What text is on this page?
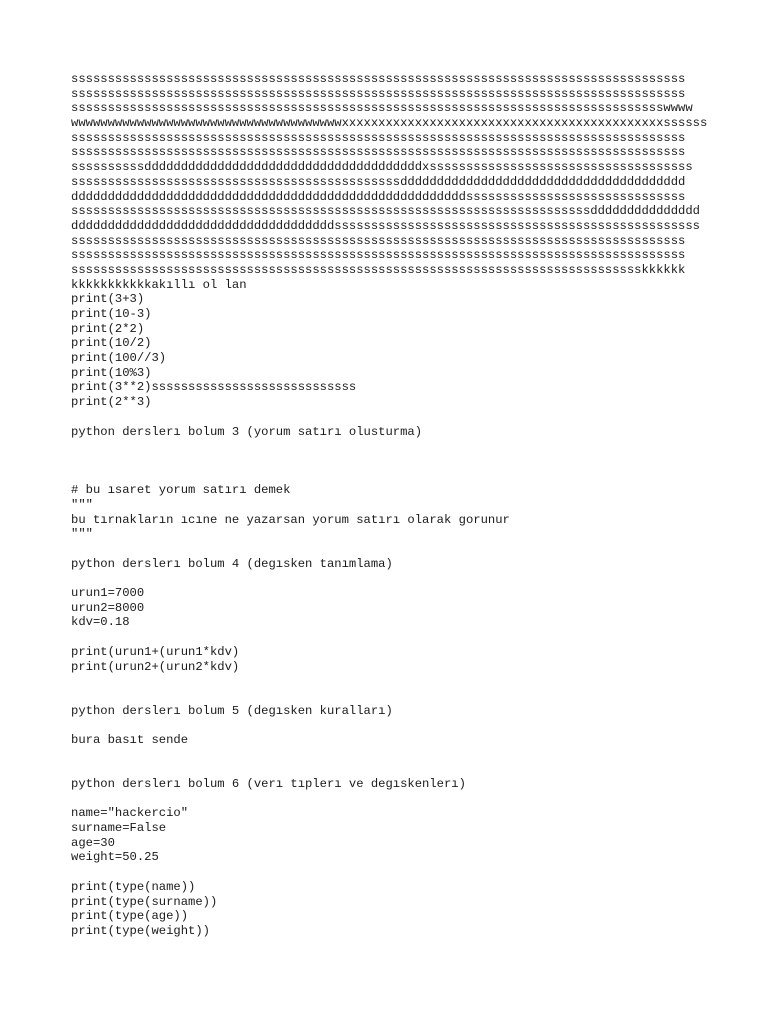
ssssssssssssssssssssssssssssssssssssssssssssssssssssssssssssssssssssssssssssssssssss
ssssssssssssssssssssssssssssssssssssssssssssssssssssssssssssssssssssssssssssssssssss
ssssssssssssssssssssssssssssssssssssssssssssssssssssssssssssssssssssssssssssssssswwww
wwwwwwwwwwwwwwwwwwwwwwwwwwwwwwwwwwwwwxxxxxxxxxxxxxxxxxxxxxxxxxxxxxxxxxxxxxxxxxxxxssssss
ssssssssssssssssssssssssssssssssssssssssssssssssssssssssssssssssssssssssssssssssssss
ssssssssssssssssssssssssssssssssssssssssssssssssssssssssssssssssssssssssssssssssssss
ssssssssssddddddddddddddddddddddddddddddddddddddxssssssssssssssssssssssssssssssssssss
sssssssssssssssssssssssssssssssssssssssssssssddddddddddddddddddddddddddddddddddddddd
ddddddddddddddddddddddddddddddddddddddddddddddddddddddssssssssssssssssssssssssssssss
sssssssssssssssssssssssssssssssssssssssssssssssssssssssssssssssssssssssddddddddddddddd
ddddddddddddddddddddddddddddddddddddssssssssssssssssssssssssssssssssssssssssssssssssss
ssssssssssssssssssssssssssssssssssssssssssssssssssssssssssssssssssssssssssssssssssss
ssssssssssssssssssssssssssssssssssssssssssssssssssssssssssssssssssssssssssssssssssss
sssssssssssssssssssssssssssssssssssssssssssssssssssssssssssssssssssssssssssssskkkkkk
kkkkkkkkkkkakıllı ol lan
print(3+3)
print(10-3)
print(2*2)
print(10/2)
print(100//3)
print(10%3)
print(3**2)ssssssssssssssssssssssssssss
print(2**3)
python derslerı bolum 3 (yorum satırı olusturma)
# bu ısaret yorum satırı demek
"""
bu tırnakların ıcıne ne yazarsan yorum satırı olarak gorunur
"""
python derslerı bolum 4 (degısken tanımlama)
urun1=7000
urun2=8000
kdv=0.18
print(urun1+(urun1*kdv)
print(urun2+(urun2*kdv)
python derslerı bolum 5 (degısken kuralları)
bura basıt sende
python derslerı bolum 6 (verı tıplerı ve degıskenlerı)
name="hackercio"
surname=False
age=30
weight=50.25
print(type(name))
print(type(surname))
print(type(age))
print(type(weight))
